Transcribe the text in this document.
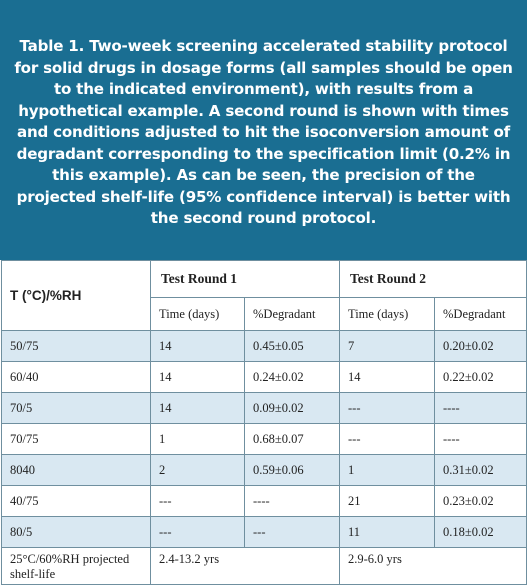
Table 1. Two-week screening accelerated stability protocol for solid drugs in dosage forms (all samples should be open to the indicated environment), with results from a hypothetical example. A second round is shown with times and conditions adjusted to hit the isoconversion amount of degradant corresponding to the specification limit (0.2% in this example). As can be seen, the precision of the projected shelf-life (95% confidence interval) is better with the second round protocol.
T (°C)/%RH	Test Round 1		Test Round 2	
	Time (days)	%Degradant	Time (days)	%Degradant
50/75	14	0.45±0.05	7	0.20±0.02
60/40	14	0.24±0.02	14	0.22±0.02
70/5	14	0.09±0.02	---	----
70/75	1	0.68±0.07	---	----
8040	2	0.59±0.06	1	0.31±0.02
40/75	---	----	21	0.23±0.02
80/5	---	---	11	0.18±0.02
25°C/60%RH projected shelf-life	2.4-13.2 yrs		2.9-6.0 yrs	
